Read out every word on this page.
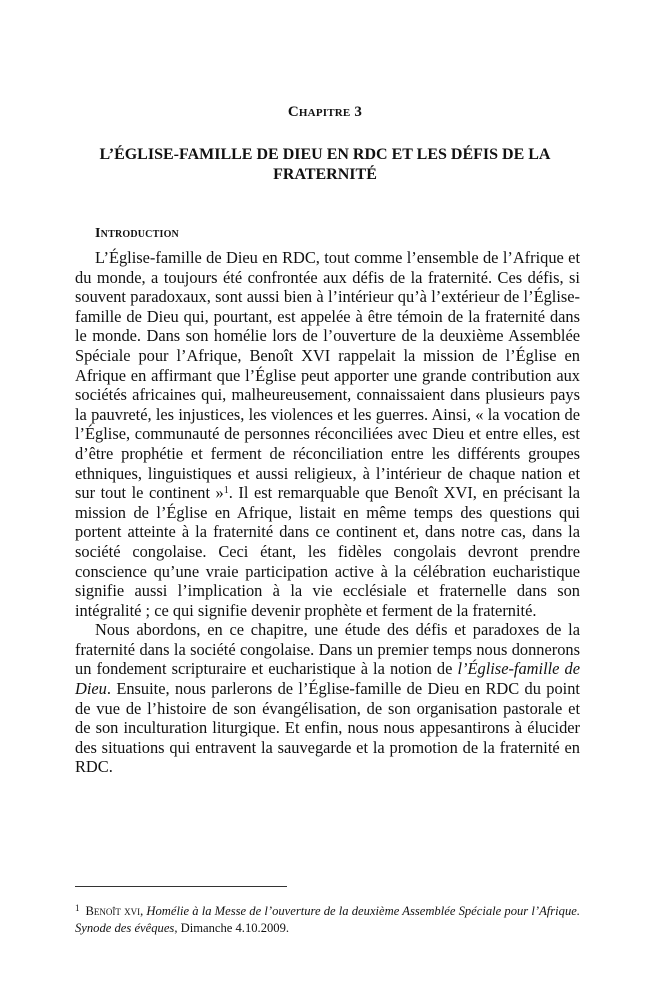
Chapitre 3
L’ÉGLISE-FAMILLE DE DIEU EN RDC ET LES DÉFIS DE LA FRATERNITÉ
Introduction

L’Église-famille de Dieu en RDC, tout comme l’ensemble de l’Afrique et du monde, a toujours été confrontée aux défis de la fraternité. Ces défis, si souvent paradoxaux, sont aussi bien à l’intérieur qu’à l’extérieur de l’Église-famille de Dieu qui, pourtant, est appelée à être témoin de la fraternité dans le monde. Dans son homélie lors de l’ouverture de la deuxième Assemblée Spéciale pour l’Afrique, Benoît XVI rappelait la mission de l’Église en Afrique en affirmant que l’Église peut apporter une grande contribution aux sociétés africaines qui, malheureusement, connaissaient dans plusieurs pays la pauvreté, les injustices, les violences et les guerres. Ainsi, « la vocation de l’Église, communauté de personnes réconciliées avec Dieu et entre elles, est d’être prophétie et ferment de réconciliation entre les différents groupes ethniques, linguistiques et aussi religieux, à l’intérieur de chaque nation et sur tout le continent »$^1$. Il est remarquable que Benoît XVI, en précisant la mission de l’Église en Afrique, listait en même temps des questions qui portent atteinte à la fraternité dans ce continent et, dans notre cas, dans la société congolaise. Ceci étant, les fidèles congolais devront prendre conscience qu’une vraie participation active à la célébration eucharistique signifie aussi l’implication à la vie ecclésiale et fraternelle dans son intégralité ; ce qui signifie devenir prophète et ferment de la fraternité.

Nous abordons, en ce chapitre, une étude des défis et paradoxes de la fraternité dans la société congolaise. Dans un premier temps nous donnerons un fondement scripturaire et eucharistique à la notion de l’Église-famille de Dieu. Ensuite, nous parlerons de l’Église-famille de Dieu en RDC du point de vue de l’histoire de son évangélisation, de son organisation pastorale et de son inculturation liturgique. Et enfin, nous nous appesantirons à élucider des situations qui entravent la sauvegarde et la promotion de la fraternité en RDC.

$^1$ Benoît xvi, Homélie à la Messe de l’ouverture de la deuxième Assemblée Spéciale pour l’Afrique. Synode des évêques, Dimanche 4.10.2009.
